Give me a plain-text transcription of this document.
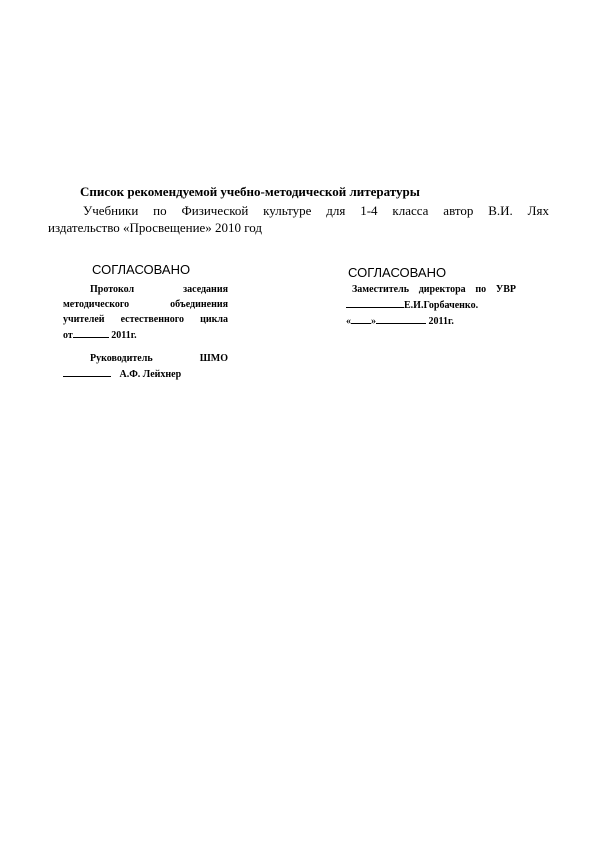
Список рекомендуемой учебно-методической литературы
Учебники по Физической культуре для 1-4 класса автор В.И. Лях
издательство «Просвещение» 2010 год
СОГЛАСОВАНО	СОГЛАСОВАНО
Протокол	заседания
методического	объединения
учителей естественного цикла
от	2011г.
Руководитель	ШМО
А.Ф. Лейхнер
Заместитель директора по УВР
Е.И.Горбаченко.
« »	2011г.
